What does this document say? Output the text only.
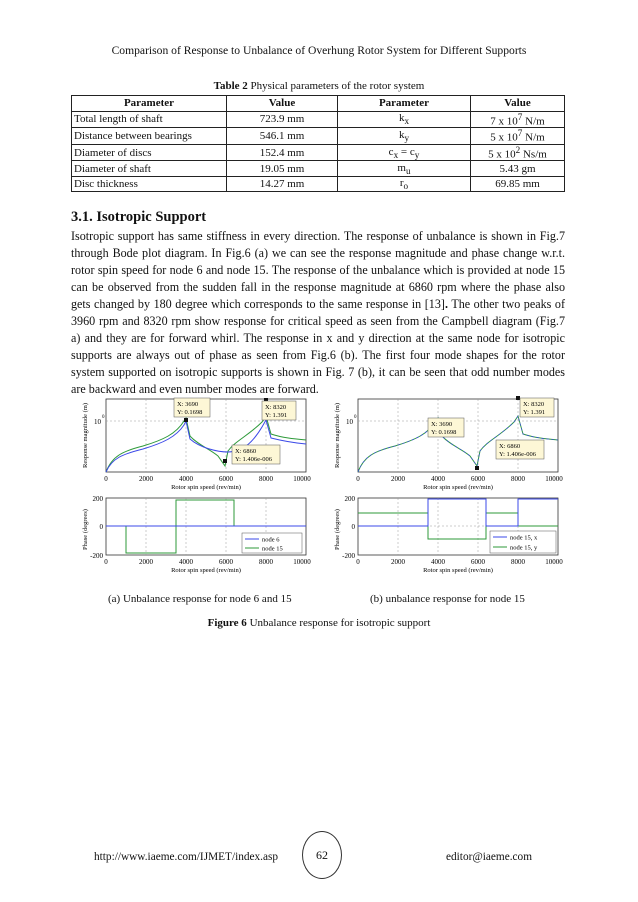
Comparison of Response to Unbalance of Overhung Rotor System for Different Supports
Table 2 Physical parameters of the rotor system
Parameter	Value	Parameter	Value
Total length of shaft	723.9 mm	$k_x$	7 x $10^7$ N/m
Distance between bearings	546.1 mm	$k_y$	5 x $10^7$ N/m
Diameter of discs	152.4 mm	$c_x = c_y$	5 x $10^2$ Ns/m
Diameter of shaft	19.05 mm	$m_u$	5.43 gm
Disc thickness	14.27 mm	$r_o$	69.85 mm
3.1. Isotropic Support
Isotropic support has same stiffness in every direction. The response of unbalance is shown in Fig.7 through Bode plot diagram. In Fig.6 (a) we can see the response magnitude and phase change w.r.t. rotor spin speed for node 6 and node 15. The response of the unbalance which is provided at node 15 can be observed from the sudden fall in the response magnitude at 6860 rpm where the phase also gets changed by 180 degree which corresponds to the same response in [13]. The other two peaks of 3960 rpm and 8320 rpm show response for critical speed as seen from the Campbell diagram (Fig.7 a) and they are for forward whirl. The response in x and y direction at the same node for isotropic supports are always out of phase as seen from Fig.6 (b). The first four mode shapes for the rotor system supported on isotropic supports is shown in Fig. 7 (b), it can be seen that odd number modes are backward and even number modes are forward.
X: 3690
Y: 0.1698
X: 8320
Y: 1.391
X: 6860
Y: 1.406e-006
10
0
Response magnitude (m)
0	2000	4000	6000	8000	10000
Rotor spin speed (rev/min)
node 6
node 15
200
0
-200
Phase (degrees)
0	2000	4000	6000	8000	10000
Rotor spin speed (rev/min)
X: 3690
Y: 0.1698
X: 8320
Y: 1.391
X: 6860
Y: 1.406e-006
10
0
Response magnitude (m)
0	2000	4000	6000	8000	10000
Rotor spin speed (rev/min)
node 15, x
node 15, y
200
0
-200
Phase (degrees)
0	2000	4000	6000	8000	10000
Rotor spin speed (rev/min)
(a) Unbalance response for node 6 and 15	(b) unbalance response for node 15
Figure 6 Unbalance response for isotropic support
http://www.iaeme.com/IJMET/index.asp	62	editor@iaeme.com
